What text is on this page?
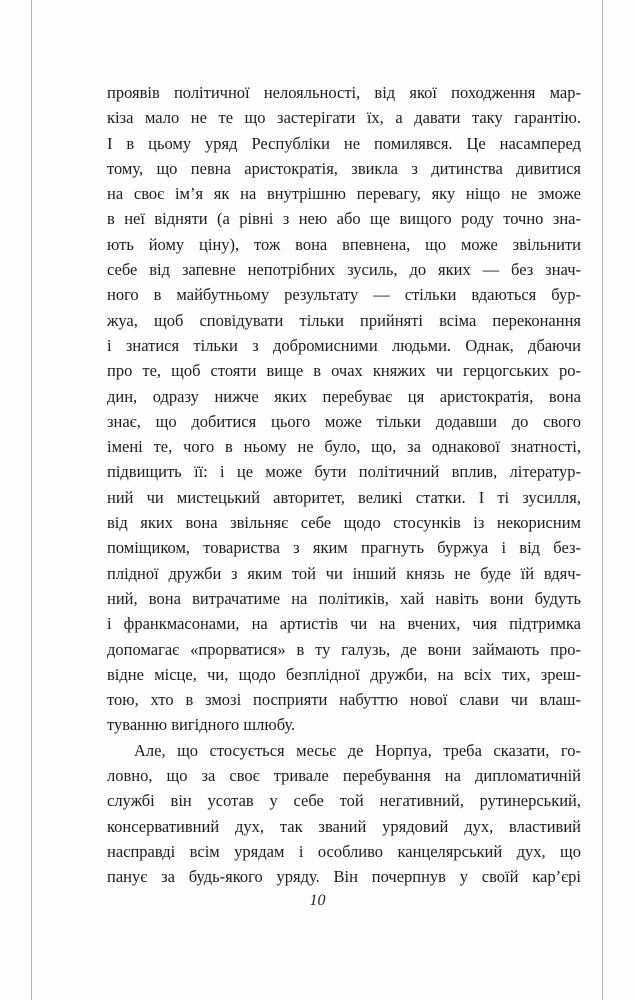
проявів політичної нелояльності, від якої походження мар-
кіза мало не те що застерігати їх, а давати таку гарантію.
І в цьому уряд Республіки не помилявся. Це насамперед
тому, що певна аристократія, звикла з дитинства дивитися
на своє ім’я як на внутрішню перевагу, яку ніщо не зможе
в неї відняти (а рівні з нею або ще вищого роду точно зна-
ють йому ціну), тож вона впевнена, що може звільнити
себе від запевне непотрібних зусиль, до яких — без знач-
ного в майбутньому результату — стільки вдаються бур-
жуа, щоб сповідувати тільки прийняті всіма переконання
і знатися тільки з добромисними людьми. Однак, дбаючи
про те, щоб стояти вище в очах княжих чи герцогських ро-
дин, одразу нижче яких перебуває ця аристократія, вона
знає, що добитися цього може тільки додавши до свого
імені те, чого в ньому не було, що, за однакової знатності,
підвищить її: і це може бути політичний вплив, літератур-
ний чи мистецький авторитет, великі статки. І ті зусилля,
від яких вона звільняє себе щодо стосунків із некорисним
поміщиком, товариства з яким прагнуть буржуа і від без-
плідної дружби з яким той чи інший князь не буде їй вдяч-
ний, вона витрачатиме на політиків, хай навіть вони будуть
і франкмасонами, на артистів чи на вчених, чия підтримка
допомагає «прорватися» в ту галузь, де вони займають про-
відне місце, чи, щодо безплідної дружби, на всіх тих, зреш-
тою, хто в змозі посприяти набуттю нової слави чи влаш-
туванню вигідного шлюбу.
Але, що стосується месьє де Норпуа, треба сказати, го-
ловно, що за своє тривале перебування на дипломатичній
службі він усотав у себе той негативний, рутинерський,
консервативний дух, так званий урядовий дух, властивий
насправді всім урядам і особливо канцелярський дух, що
панує за будь-якого уряду. Він почерпнув у своїй кар’єрі
10
